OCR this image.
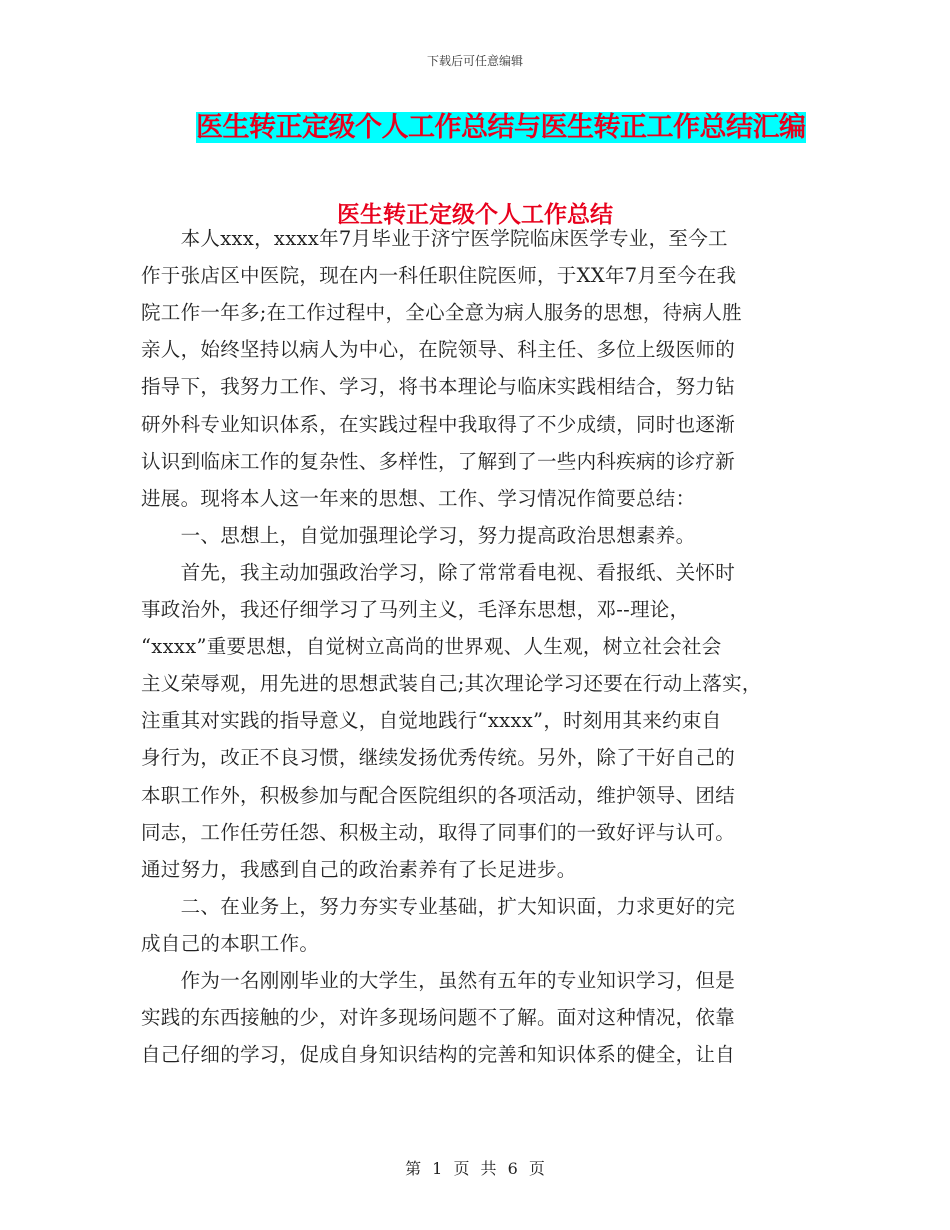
下载后可任意编辑
医生转正定级个人工作总结与医生转正工作总结汇编
医生转正定级个人工作总结
　　本人xxx，xxxx年7月毕业于济宁医学院临床医学专业，至今工
作于张店区中医院，现在内一科任职住院医师，于XX年7月至今在我
院工作一年多;在工作过程中，全心全意为病人服务的思想，待病人胜
亲人，始终坚持以病人为中心，在院领导、科主任、多位上级医师的
指导下，我努力工作、学习，将书本理论与临床实践相结合，努力钻
研外科专业知识体系，在实践过程中我取得了不少成绩，同时也逐渐
认识到临床工作的复杂性、多样性，了解到了一些内科疾病的诊疗新
进展。现将本人这一年来的思想、工作、学习情况作简要总结：
　　一、思想上，自觉加强理论学习，努力提高政治思想素养。
　　首先，我主动加强政治学习，除了常常看电视、看报纸、关怀时
事政治外，我还仔细学习了马列主义，毛泽东思想，邓--理论，
“xxxx”重要思想，自觉树立高尚的世界观、人生观，树立社会社会
主义荣辱观，用先进的思想武装自己;其次理论学习还要在行动上落实，
注重其对实践的指导意义，自觉地践行“xxxx”，时刻用其来约束自
身行为，改正不良习惯，继续发扬优秀传统。另外，除了干好自己的
本职工作外，积极参加与配合医院组织的各项活动，维护领导、团结
同志，工作任劳任怨、积极主动，取得了同事们的一致好评与认可。
通过努力，我感到自己的政治素养有了长足进步。
　　二、在业务上，努力夯实专业基础，扩大知识面，力求更好的完
成自己的本职工作。
　　作为一名刚刚毕业的大学生，虽然有五年的专业知识学习，但是
实践的东西接触的少，对许多现场问题不了解。面对这种情况，依靠
自己仔细的学习，促成自身知识结构的完善和知识体系的健全，让自
第 1 页 共 6 页
